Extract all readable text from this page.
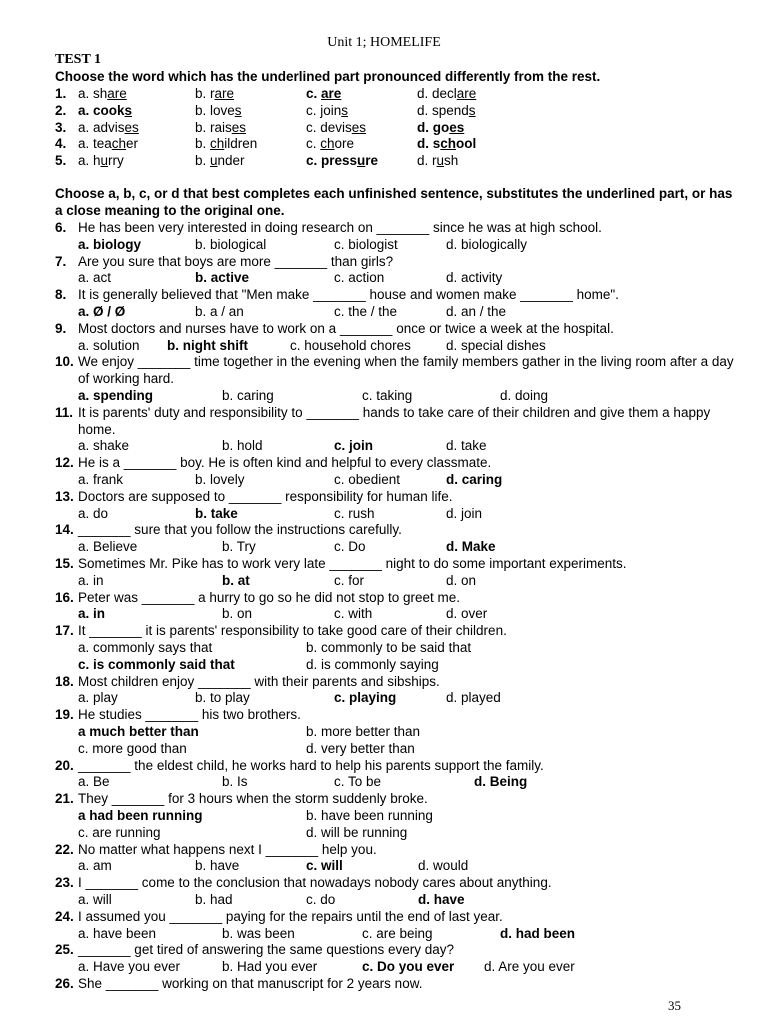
Unit 1; HOMELIFE
TEST 1
Choose the word which has the underlined part pronounced differently from the rest.
1. a. share	b. rare	c. are	d. declare
2. a. cooks	b. loves	c. joins	d. spends
3. a. advises	b. raises	c. devises	d. goes
4. a. teacher	b. children	c. chore	d. school
5. a. hurry	b. under	c. pressure	d. rush
Choose a, b, c, or d that best completes each unfinished sentence, substitutes the underlined part, or has a close meaning to the original one.
6. He has been very interested in doing research on _______ since he was at high school.
a. biology	b. biological	c. biologist	d. biologically
7. Are you sure that boys are more _______ than girls?
a. act	b. active	c. action	d. activity
8. It is generally believed that "Men make _______ house and women make _______ home".
a. Ø / Ø	b. a / an	c. the / the	d. an / the
9. Most doctors and nurses have to work on a _______ once or twice a week at the hospital.
a. solution b. night shift	c. household chores	d. special dishes
10. We enjoy _______ time together in the evening when the family members gather in the living room after a day of working hard.
a. spending	b. caring	c. taking	d. doing
11. It is parents' duty and responsibility to _______ hands to take care of their children and give them a happy home.
a. shake	b. hold	c. join	d. take
12. He is a _______ boy. He is often kind and helpful to every classmate.
a. frank	b. lovely	c. obedient	d. caring
13. Doctors are supposed to _______ responsibility for human life.
a. do	b. take	c. rush	d. join
14. _______ sure that you follow the instructions carefully.
a. Believe	b. Try	c. Do	d. Make
15. Sometimes Mr. Pike has to work very late _______ night to do some important experiments.
a. in	b. at	c. for	d. on
16. Peter was _______ a hurry to go so he did not stop to greet me.
a. in	b. on	c. with	d. over
17. It _______ it is parents' responsibility to take good care of their children.
a. commonly says that	b. commonly to be said that
c. is commonly said that	d. is commonly saying
18. Most children enjoy _______ with their parents and sibships.
a. play	b. to play	c. playing	d. played
19. He studies _______ his two brothers.
a much better than	b. more better than
c. more good than	d. very better than
20. _______ the eldest child, he works hard to help his parents support the family.
a. Be	b. Is	c. To be	d. Being
21. They _______ for 3 hours when the storm suddenly broke.
a had been running	b. have been running
c. are running	d. will be running
22. No matter what happens next I _______ help you.
a. am	b. have	c. will	d. would
23. I _______ come to the conclusion that nowadays nobody cares about anything.
a. will	b. had	c. do	d. have
24. I assumed you _______ paying for the repairs until the end of last year.
a. have been	b. was been	c. are being	d. had been
25. _______ get tired of answering the same questions every day?
a. Have you ever	b. Had you ever	c. Do you ever d. Are you ever
26. She _______ working on that manuscript for 2 years now.
35
